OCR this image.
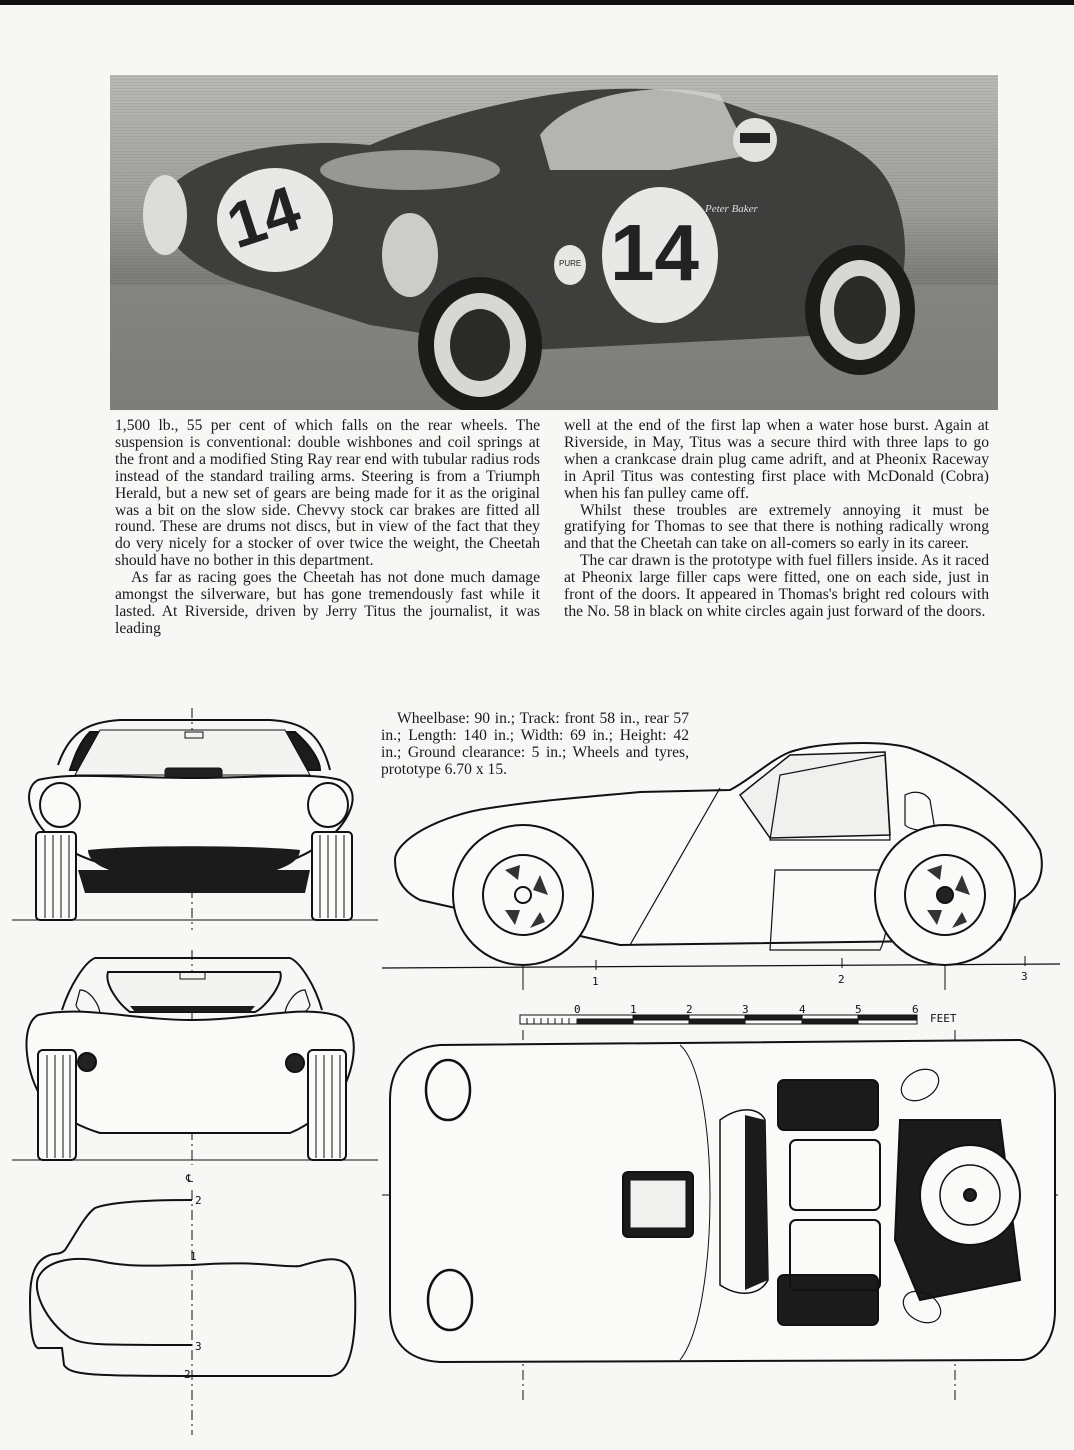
14	14
PURE
Peter Baker

1,500 lb., 55 per cent of which falls on the rear wheels. The suspension is conventional: double wishbones and coil springs at the front and a modified Sting Ray rear end with tubular radius rods instead of the standard trailing arms. Steering is from a Triumph Herald, but a new set of gears are being made for it as the original was a bit on the slow side. Chevvy stock car brakes are fitted all round. These are drums not discs, but in view of the fact that they do very nicely for a stocker of over twice the weight, the Cheetah should have no bother in this department.

As far as racing goes the Cheetah has not done much damage amongst the silverware, but has gone tremendously fast while it lasted. At Riverside, driven by Jerry Titus the journalist, it was leading

well at the end of the first lap when a water hose burst. Again at Riverside, in May, Titus was a secure third with three laps to go when a crankcase drain plug came adrift, and at Pheonix Raceway in April Titus was contesting first place with McDonald (Cobra) when his fan pulley came off.

Whilst these troubles are extremely annoying it must be gratifying for Thomas to see that there is nothing radically wrong and that the Cheetah can take on all-comers so early in its career.

The car drawn is the prototype with fuel fillers inside. As it raced at Pheonix large filler caps were fitted, one on each side, just in front of the doors. It appeared in Thomas's bright red colours with the No. 58 in black on white circles again just forward of the doors.

Wheelbase: 90 in.; Track: front 58 in., rear 57 in.; Length: 140 in.; Width: 69 in.; Height: 42 in.; Ground clearance: 5 in.; Wheels and tyres, prototype 6.70 x 15.
1	2	3
0	1	2	3	4	5	6
FEET
℄
2
1
3
2
